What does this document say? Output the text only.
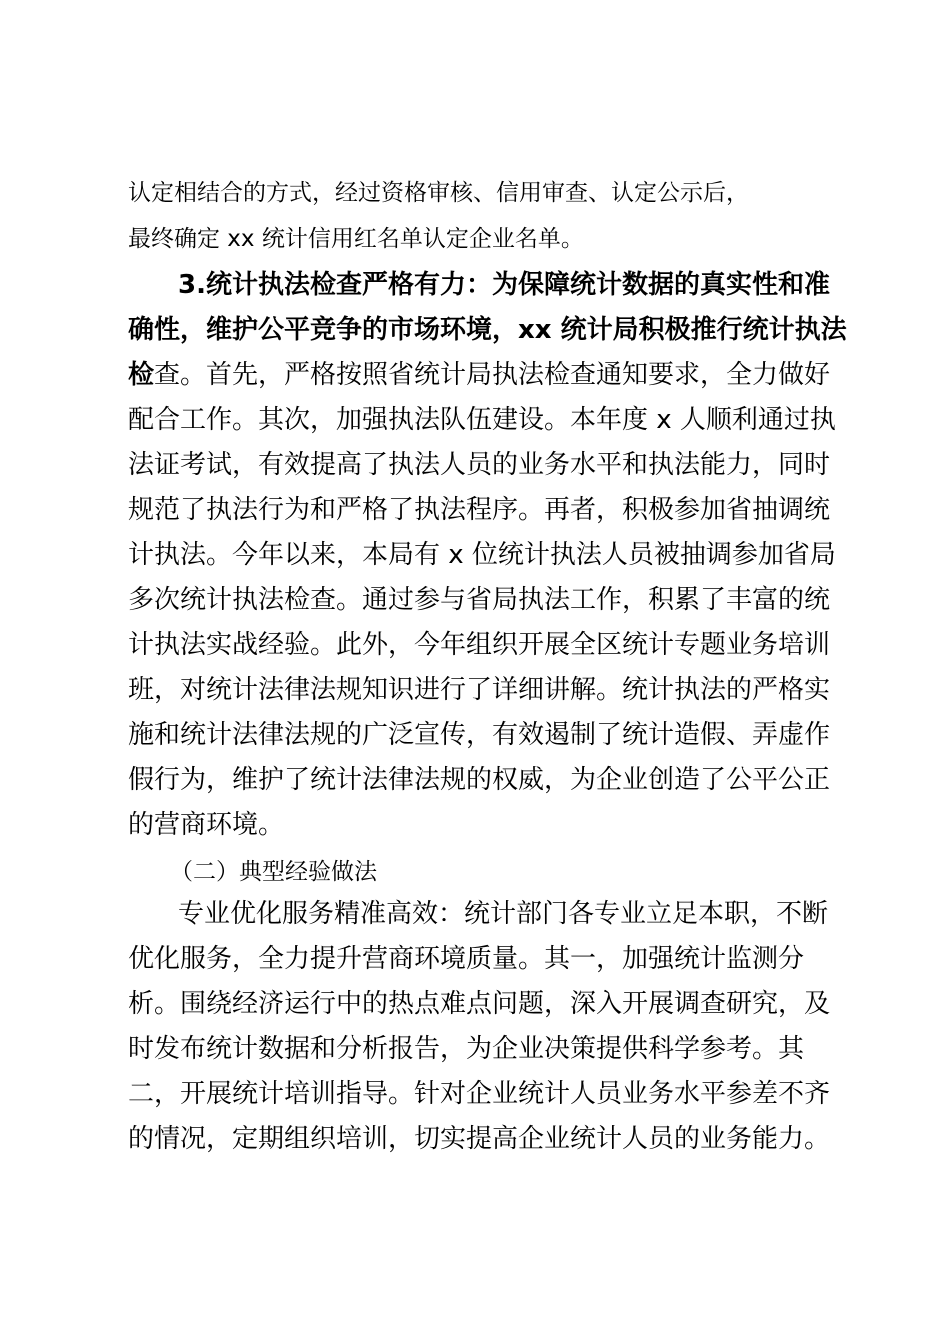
认定相结合的方式，经过资格审核、信用审查、认定公示后，
最终确定 xx 统计信用红名单认定企业名单。
3.统计执法检查严格有力：为保障统计数据的真实性和准
确性，维护公平竞争的市场环境，xx 统计局积极推行统计执法
检查。首先，严格按照省统计局执法检查通知要求，全力做好
配合工作。其次，加强执法队伍建设。本年度 x 人顺利通过执
法证考试，有效提高了执法人员的业务水平和执法能力，同时
规范了执法行为和严格了执法程序。再者，积极参加省抽调统
计执法。今年以来，本局有 x 位统计执法人员被抽调参加省局
多次统计执法检查。通过参与省局执法工作，积累了丰富的统
计执法实战经验。此外，今年组织开展全区统计专题业务培训
班，对统计法律法规知识进行了详细讲解。统计执法的严格实
施和统计法律法规的广泛宣传，有效遏制了统计造假、弄虚作
假行为，维护了统计法律法规的权威，为企业创造了公平公正
的营商环境。
（二）典型经验做法
专业优化服务精准高效：统计部门各专业立足本职，不断
优化服务，全力提升营商环境质量。其一，加强统计监测分
析。围绕经济运行中的热点难点问题，深入开展调查研究，及
时发布统计数据和分析报告，为企业决策提供科学参考。其
二，开展统计培训指导。针对企业统计人员业务水平参差不齐
的情况，定期组织培训，切实提高企业统计人员的业务能力。
